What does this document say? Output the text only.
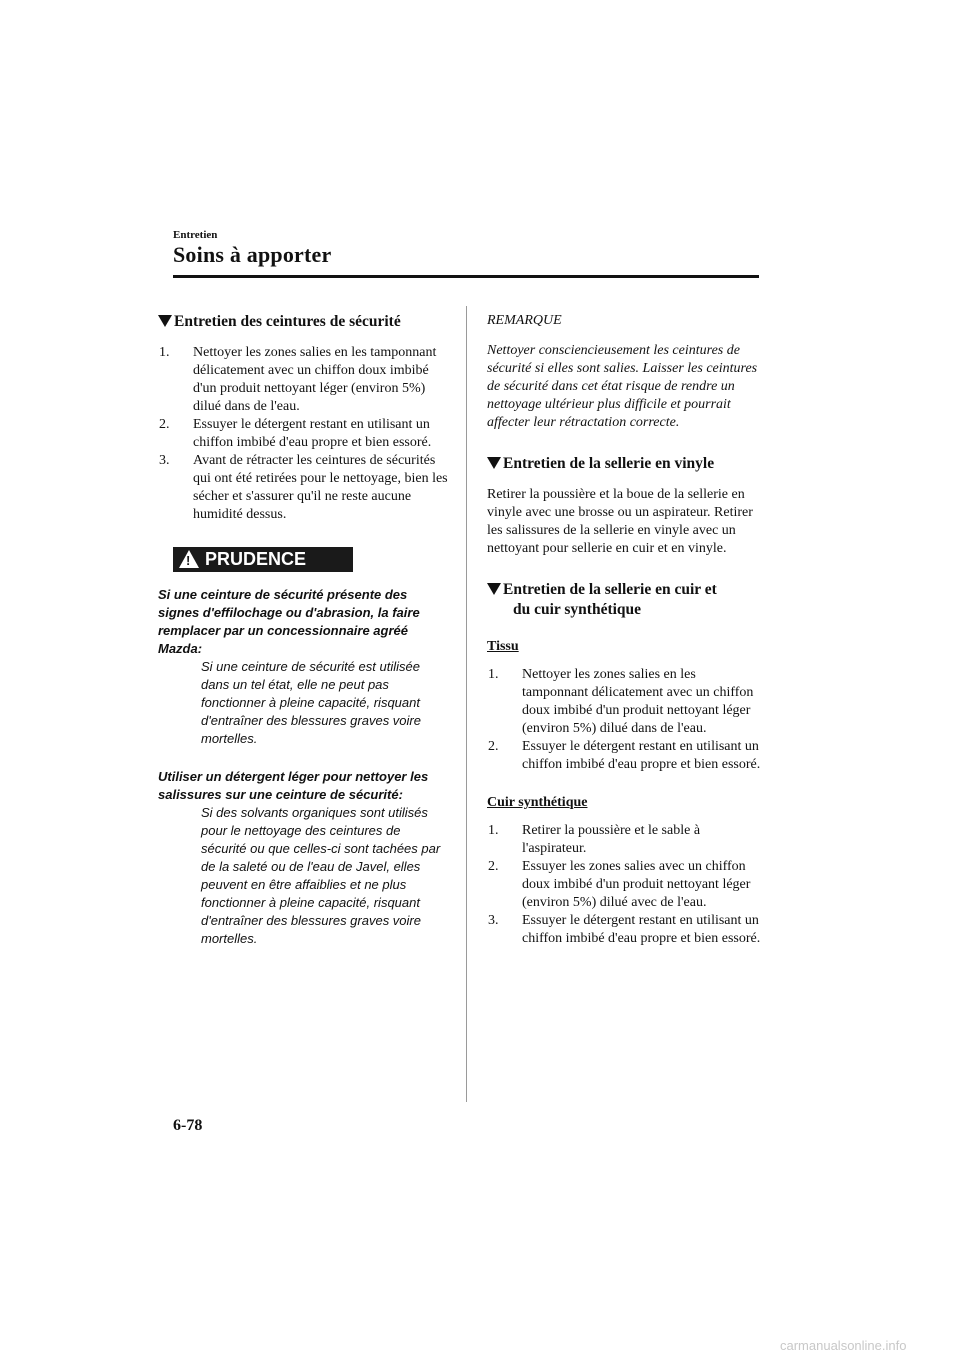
Entretien
Soins à apporter
Entretien des ceintures de sécurité
1.	Nettoyer les zones salies en les tamponnant délicatement avec un chiffon doux imbibé d'un produit nettoyant léger (environ 5%) dilué dans de l'eau.
2.	Essuyer le détergent restant en utilisant un chiffon imbibé d'eau propre et bien essoré.
3.	Avant de rétracter les ceintures de sécurités qui ont été retirées pour le nettoyage, bien les sécher et s'assurer qu'il ne reste aucune humidité dessus.
! PRUDENCE

Si une ceinture de sécurité présente des signes d'effilochage ou d'abrasion, la faire remplacer par un concessionnaire agréé Mazda:

Si une ceinture de sécurité est utilisée dans un tel état, elle ne peut pas fonctionner à pleine capacité, risquant d'entraîner des blessures graves voire mortelles.

Utiliser un détergent léger pour nettoyer les salissures sur une ceinture de sécurité:

Si des solvants organiques sont utilisés pour le nettoyage des ceintures de sécurité ou que celles-ci sont tachées par de la saleté ou de l'eau de Javel, elles peuvent en être affaiblies et ne plus fonctionner à pleine capacité, risquant d'entraîner des blessures graves voire mortelles.

REMARQUE

Nettoyer consciencieusement les ceintures de sécurité si elles sont salies. Laisser les ceintures de sécurité dans cet état risque de rendre un nettoyage ultérieur plus difficile et pourrait affecter leur rétractation correcte.

Entretien de la sellerie en vinyle

Retirer la poussière et la boue de la sellerie en vinyle avec une brosse ou un aspirateur. Retirer les salissures de la sellerie en vinyle avec un nettoyant pour sellerie en cuir et en vinyle.

Entretien de la sellerie en cuir et
du cuir synthétique

Tissu

1.	Nettoyer les zones salies en les tamponnant délicatement avec un chiffon doux imbibé d'un produit nettoyant léger (environ 5%) dilué dans de l'eau.
2.	Essuyer le détergent restant en utilisant un chiffon imbibé d'eau propre et bien essoré.

Cuir synthétique

1.	Retirer la poussière et le sable à l'aspirateur.
2.	Essuyer les zones salies avec un chiffon doux imbibé d'un produit nettoyant léger (environ 5%) dilué avec de l'eau.
3.	Essuyer le détergent restant en utilisant un chiffon imbibé d'eau propre et bien essoré.

6-78

carmanualsonline.info
